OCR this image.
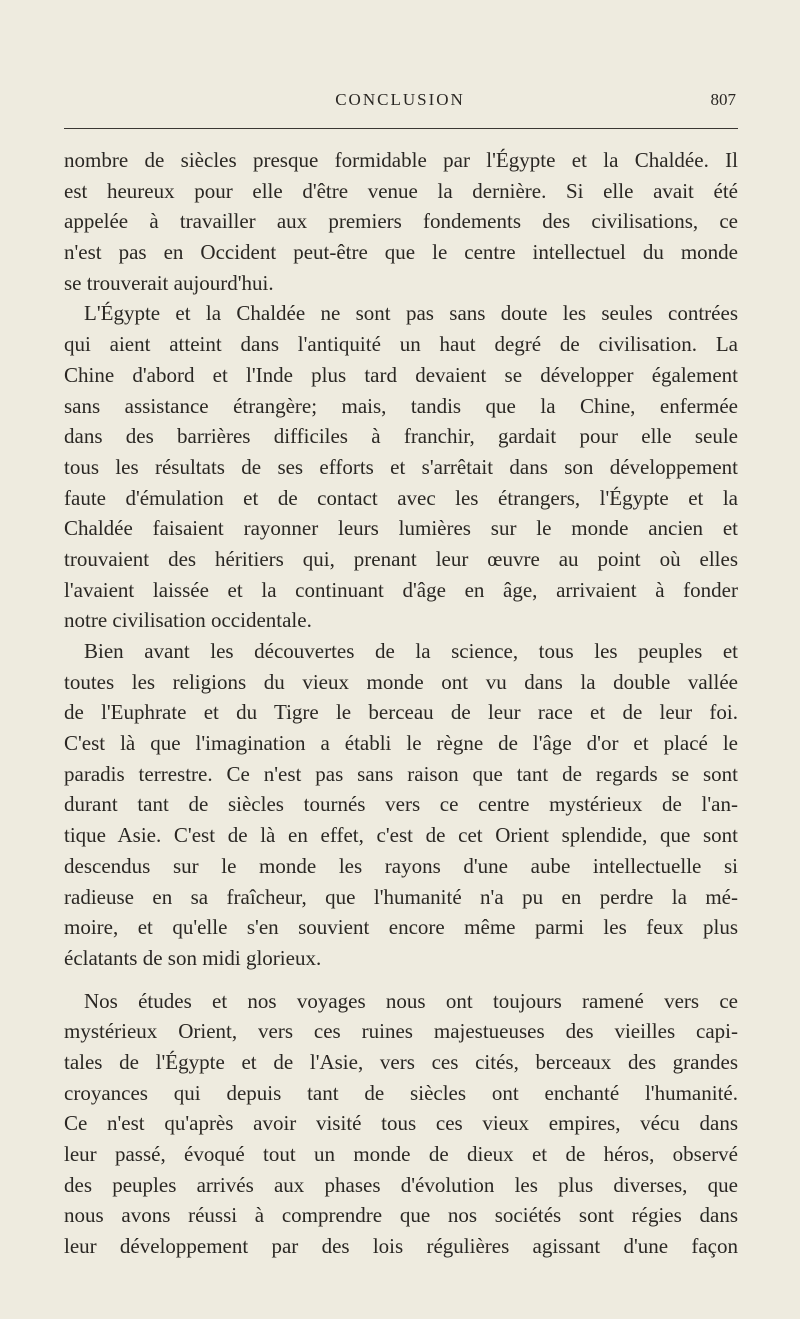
CONCLUSION	807
nombre de siècles presque formidable par l'Égypte et la Chaldée. Il
est heureux pour elle d'être venue la dernière. Si elle avait été
appelée à travailler aux premiers fondements des civilisations, ce
n'est pas en Occident peut-être que le centre intellectuel du monde
se trouverait aujourd'hui.
L'Égypte et la Chaldée ne sont pas sans doute les seules contrées
qui aient atteint dans l'antiquité un haut degré de civilisation. La
Chine d'abord et l'Inde plus tard devaient se développer également
sans assistance étrangère; mais, tandis que la Chine, enfermée
dans des barrières difficiles à franchir, gardait pour elle seule
tous les résultats de ses efforts et s'arrêtait dans son développement
faute d'émulation et de contact avec les étrangers, l'Égypte et la
Chaldée faisaient rayonner leurs lumières sur le monde ancien et
trouvaient des héritiers qui, prenant leur œuvre au point où elles
l'avaient laissée et la continuant d'âge en âge, arrivaient à fonder
notre civilisation occidentale.
Bien avant les découvertes de la science, tous les peuples et
toutes les religions du vieux monde ont vu dans la double vallée
de l'Euphrate et du Tigre le berceau de leur race et de leur foi.
C'est là que l'imagination a établi le règne de l'âge d'or et placé le
paradis terrestre. Ce n'est pas sans raison que tant de regards se sont
durant tant de siècles tournés vers ce centre mystérieux de l'an-
tique Asie. C'est de là en effet, c'est de cet Orient splendide, que sont
descendus sur le monde les rayons d'une aube intellectuelle si
radieuse en sa fraîcheur, que l'humanité n'a pu en perdre la mé-
moire, et qu'elle s'en souvient encore même parmi les feux plus
éclatants de son midi glorieux.
Nos études et nos voyages nous ont toujours ramené vers ce
mystérieux Orient, vers ces ruines majestueuses des vieilles capi-
tales de l'Égypte et de l'Asie, vers ces cités, berceaux des grandes
croyances qui depuis tant de siècles ont enchanté l'humanité.
Ce n'est qu'après avoir visité tous ces vieux empires, vécu dans
leur passé, évoqué tout un monde de dieux et de héros, observé
des peuples arrivés aux phases d'évolution les plus diverses, que
nous avons réussi à comprendre que nos sociétés sont régies dans
leur développement par des lois régulières agissant d'une façon
